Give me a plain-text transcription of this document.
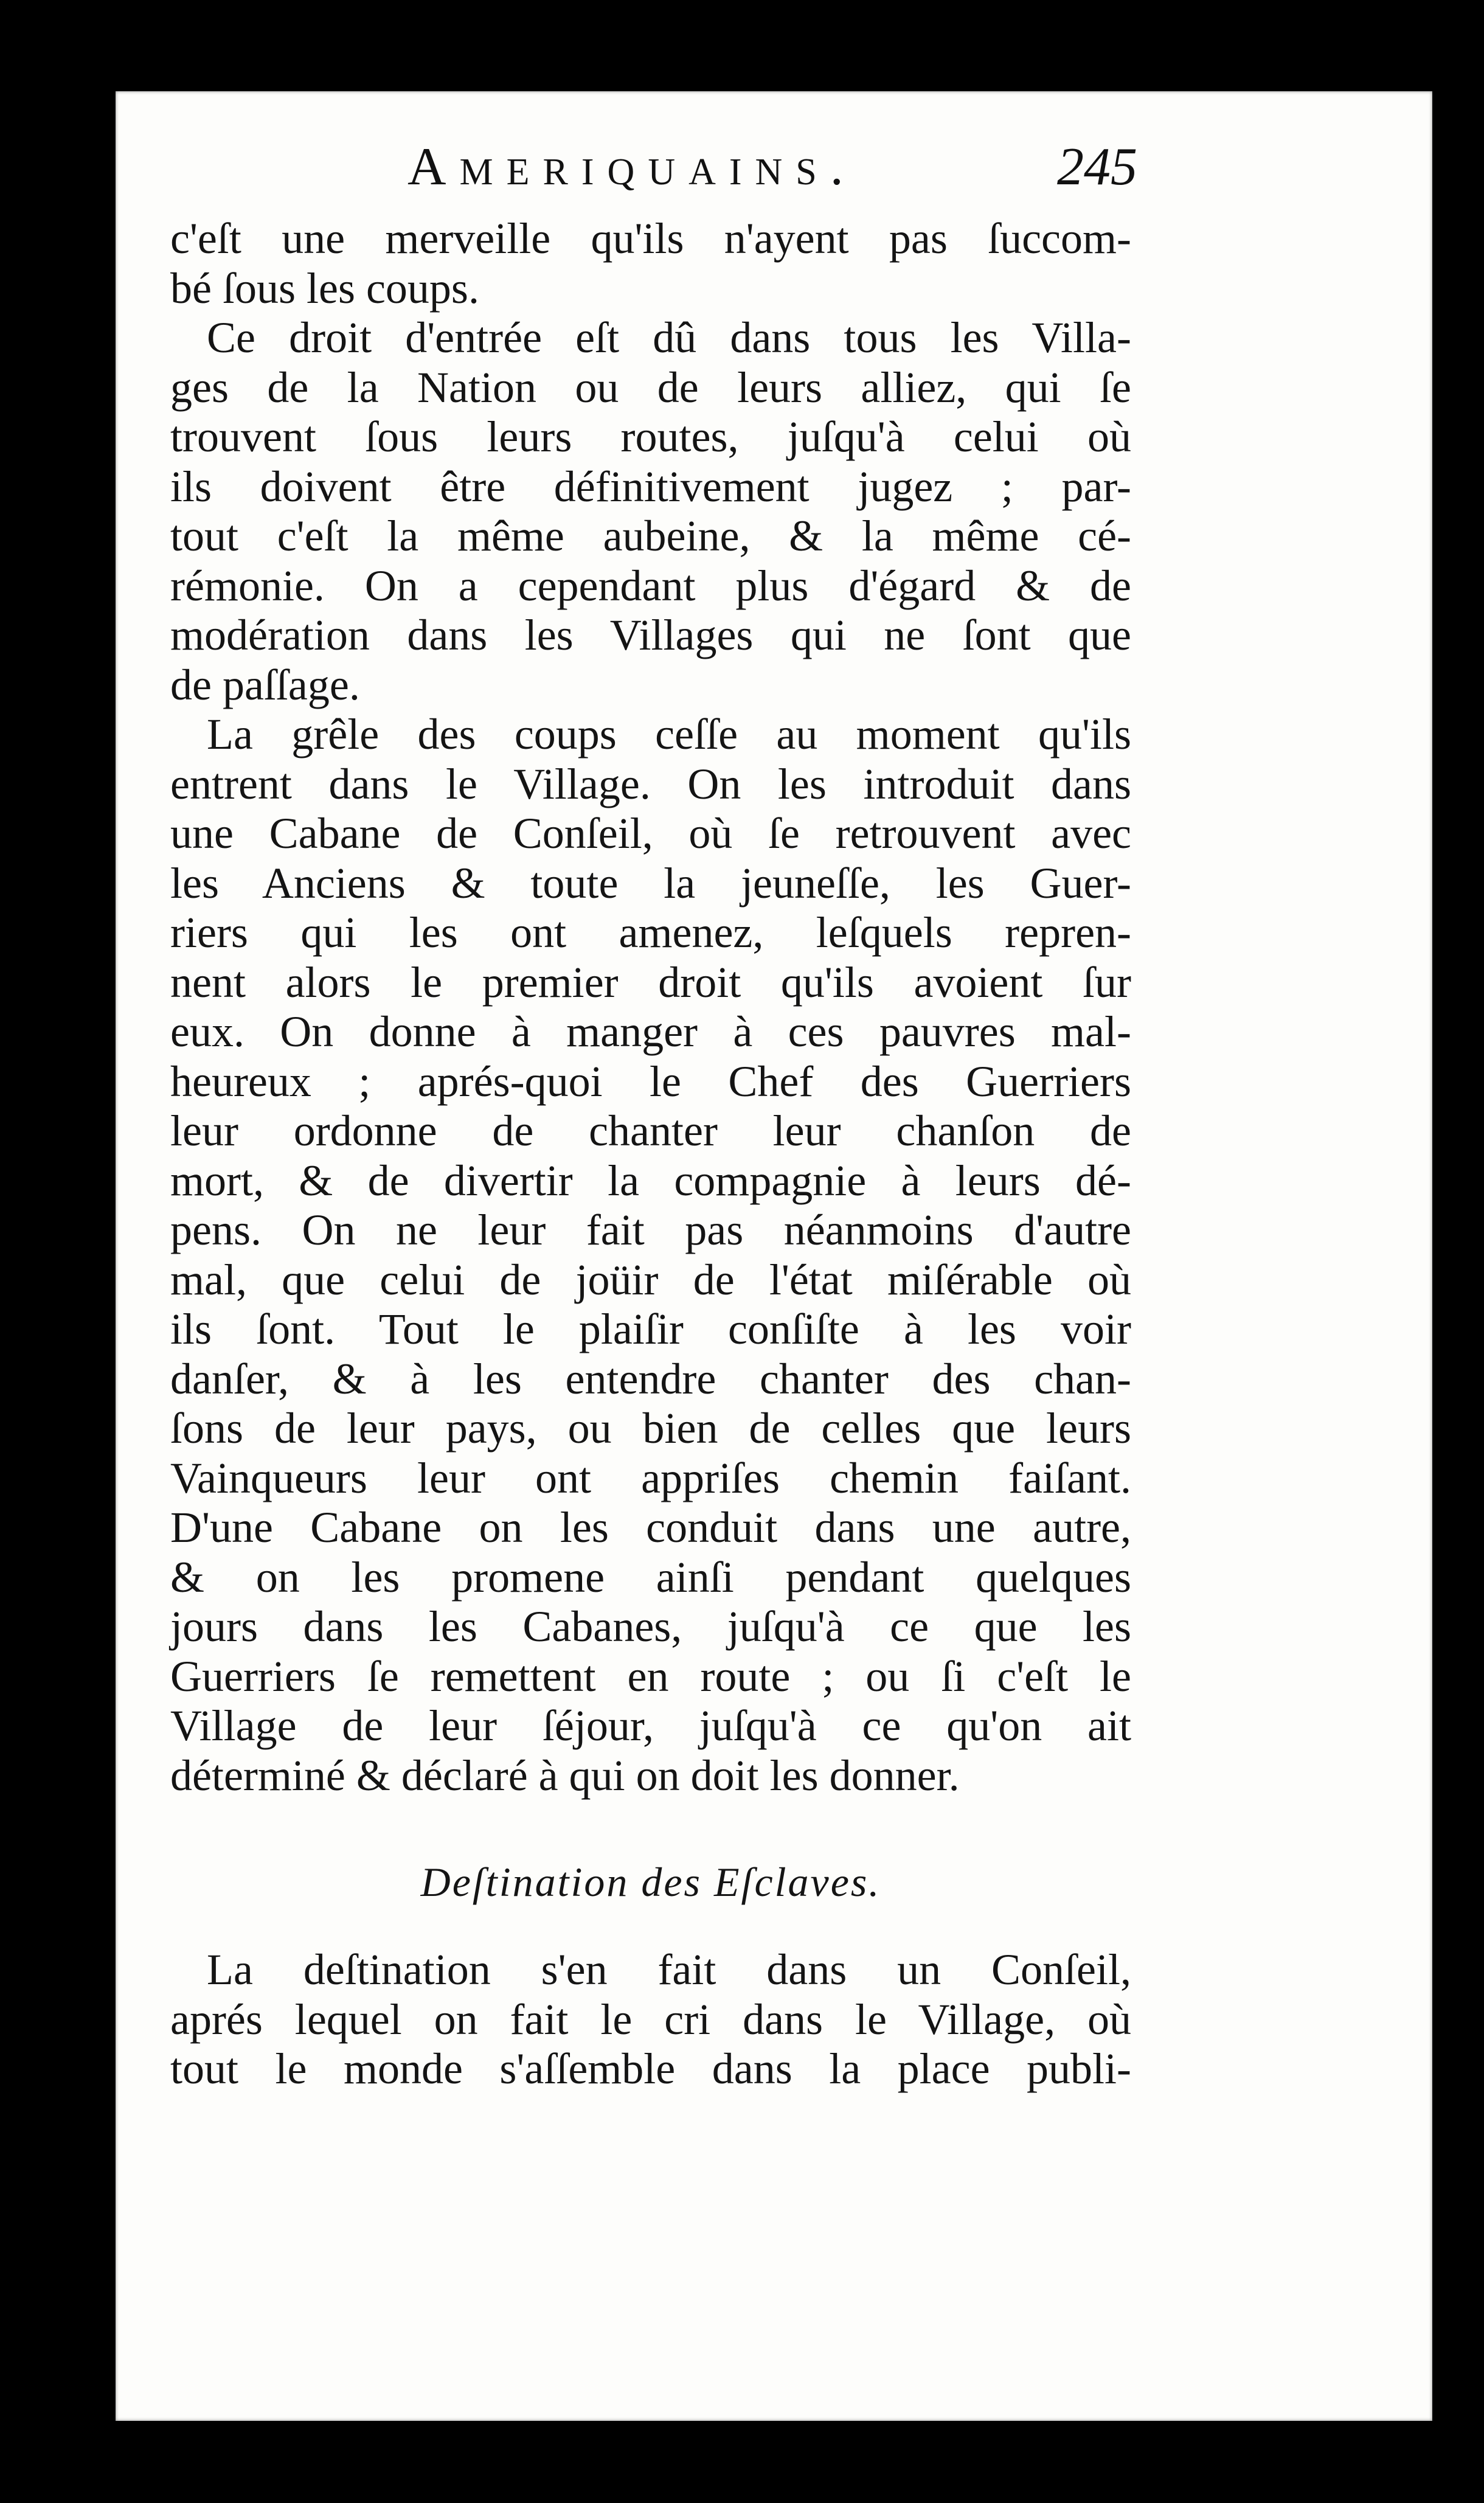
Ameriquains.	245
c'eſt une merveille qu'ils n'ayent pas ſuccom-
bé ſous les coups.
Ce droit d'entrée eſt dû dans tous les Villa-
ges de la Nation ou de leurs alliez, qui ſe
trouvent ſous leurs routes, juſqu'à celui où
ils doivent être définitivement jugez ; par-
tout c'eſt la même aubeine, & la même cé-
rémonie. On a cependant plus d'égard & de
modération dans les Villages qui ne ſont que
de paſſage.
La grêle des coups ceſſe au moment qu'ils
entrent dans le Village. On les introduit dans
une Cabane de Conſeil, où ſe retrouvent avec
les Anciens & toute la jeuneſſe, les Guer-
riers qui les ont amenez, leſquels repren-
nent alors le premier droit qu'ils avoient ſur
eux. On donne à manger à ces pauvres mal-
heureux ; aprés-quoi le Chef des Guerriers
leur ordonne de chanter leur chanſon de
mort, & de divertir la compagnie à leurs dé-
pens. On ne leur fait pas néanmoins d'autre
mal, que celui de joüir de l'état miſérable où
ils ſont. Tout le plaiſir conſiſte à les voir
danſer, & à les entendre chanter des chan-
ſons de leur pays, ou bien de celles que leurs
Vainqueurs leur ont appriſes chemin faiſant.
D'une Cabane on les conduit dans une autre,
& on les promene ainſi pendant quelques
jours dans les Cabanes, juſqu'à ce que les
Guerriers ſe remettent en route ; ou ſi c'eſt le
Village de leur ſéjour, juſqu'à ce qu'on ait
déterminé & déclaré à qui on doit les donner.
Deſtination des Eſclaves.
La deſtination s'en fait dans un Conſeil,
aprés lequel on fait le cri dans le Village, où
tout le monde s'aſſemble dans la place publi-
